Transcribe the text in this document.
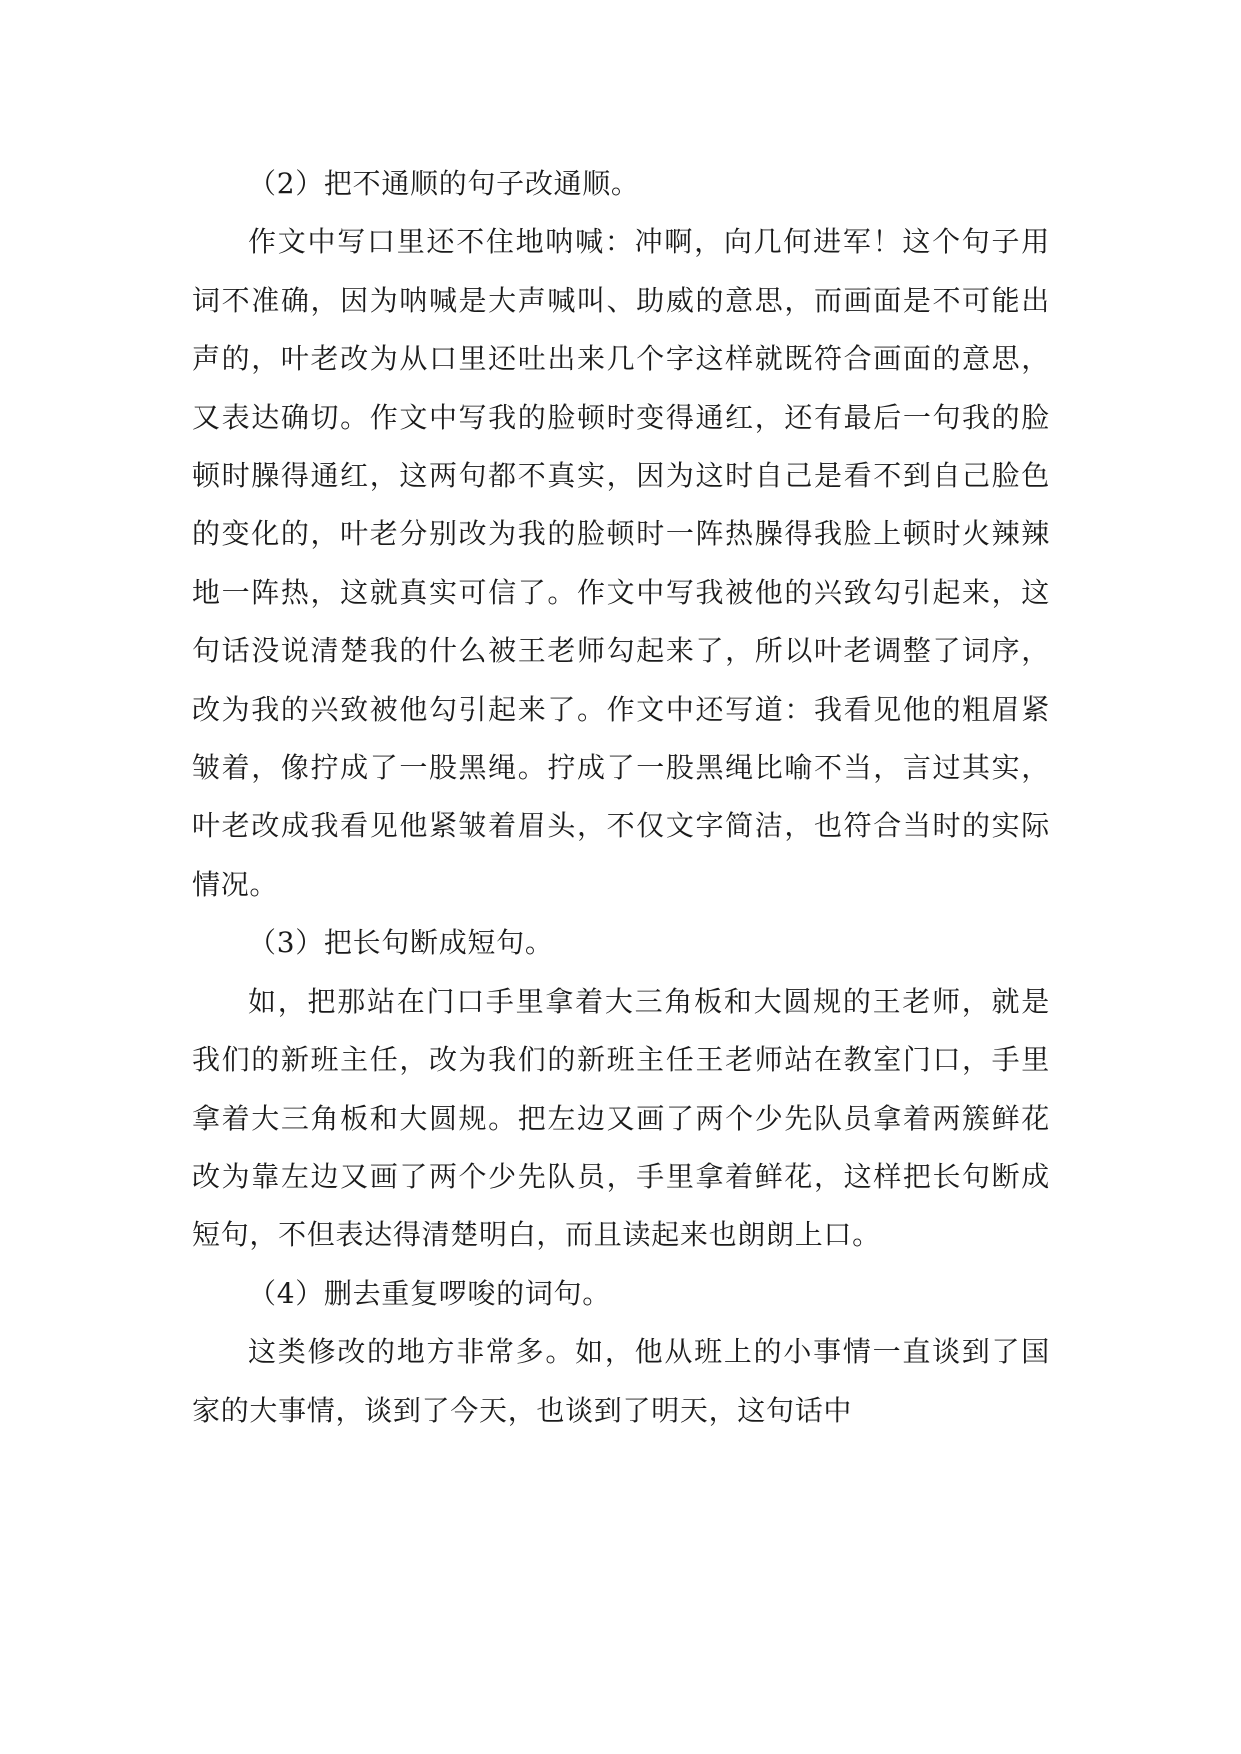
（2）把不通顺的句子改通顺。

作文中写口里还不住地呐喊：冲啊，向几何进军！这个句子用词不准确，因为呐喊是大声喊叫、助威的意思，而画面是不可能出声的，叶老改为从口里还吐出来几个字这样就既符合画面的意思，又表达确切。作文中写我的脸顿时变得通红，还有最后一句我的脸顿时臊得通红，这两句都不真实，因为这时自己是看不到自己脸色的变化的，叶老分别改为我的脸顿时一阵热臊得我脸上顿时火辣辣地一阵热，这就真实可信了。作文中写我被他的兴致勾引起来，这句话没说清楚我的什么被王老师勾起来了，所以叶老调整了词序，改为我的兴致被他勾引起来了。作文中还写道：我看见他的粗眉紧皱着，像拧成了一股黑绳。拧成了一股黑绳比喻不当，言过其实，叶老改成我看见他紧皱着眉头，不仅文字简洁，也符合当时的实际情况。

（3）把长句断成短句。

如，把那站在门口手里拿着大三角板和大圆规的王老师，就是我们的新班主任，改为我们的新班主任王老师站在教室门口，手里拿着大三角板和大圆规。把左边又画了两个少先队员拿着两簇鲜花改为靠左边又画了两个少先队员，手里拿着鲜花，这样把长句断成短句，不但表达得清楚明白，而且读起来也朗朗上口。

（4）删去重复啰唆的词句。

这类修改的地方非常多。如，他从班上的小事情一直谈到了国家的大事情，谈到了今天，也谈到了明天，这句话中
